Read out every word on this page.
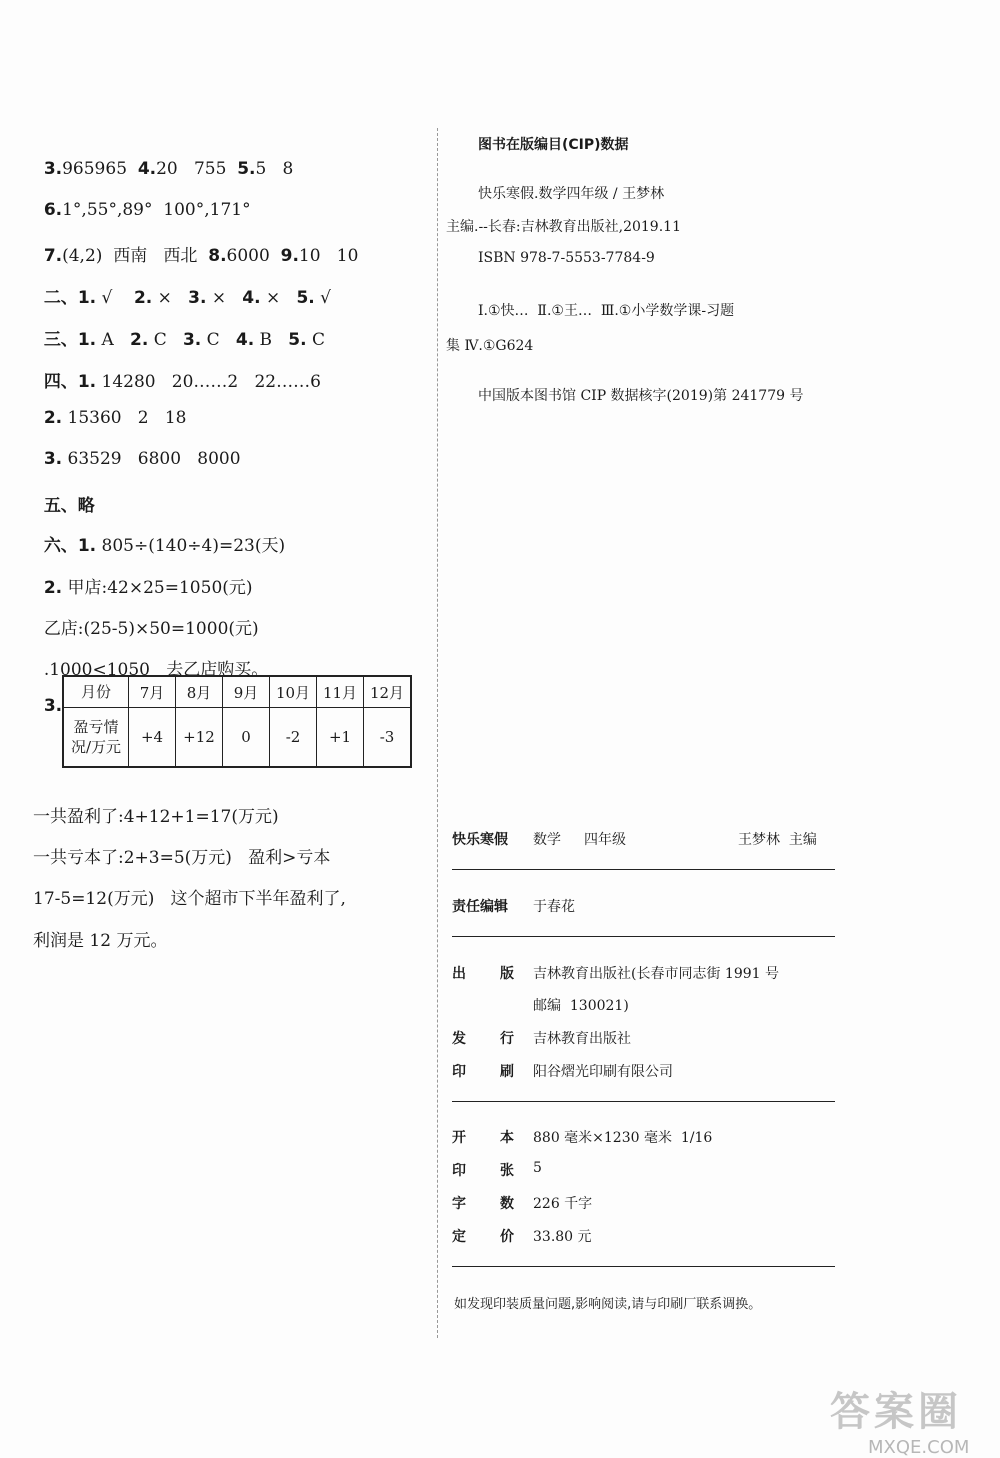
3.965965  4.20   755  5.5   8

6.1°,55°,89°  100°,171°

7.(4,2)  西南   西北  8.6000  9.10   10

二、1. √    2. ×   3. ×   4. ×   5. √

三、1. A   2. C   3. C   4. B   5. C

四、1. 14280   20……2   22……6

2. 15360   2   18

3. 63529   6800   8000

五、略

六、1. 805÷(140÷4)=23(天)

2. 甲店:42×25=1050(元)

乙店:(25-5)×50=1000(元)

.1000<1050   去乙店购买。

3.

月份	7月	8月	9月	10月	11月	12月
盈亏情
况/万元	+4	+12	0	-2	+1	-3
一共盈利了:4+12+1=17(万元)
一共亏本了:2+3=5(万元)   盈利>亏本
17-5=12(万元)   这个超市下半年盈利了,
利润是 12 万元。
图书在版编目(CIP)数据
快乐寒假.数学四年级 / 王梦林
主编.--长春:吉林教育出版社,2019.11
ISBN 978-7-5553-7784-9
Ⅰ.①快…  Ⅱ.①王…  Ⅲ.①小学数学课-习题
集 Ⅳ.①G624
中国版本图书馆 CIP 数据核字(2019)第 241779 号
快乐寒假 数学 四年级	王梦林  主编
责任编辑 于春花
出 版 吉林教育出版社(长春市同志街 1991 号
邮编  130021)
发 行 吉林教育出版社
印 刷 阳谷熠光印刷有限公司
开 本 880 毫米×1230 毫米  1/16
印 张 5
字 数 226 千字
定 价 33.80 元
如发现印装质量问题,影响阅读,请与印刷厂联系调换。
答案圈
MXQE.COM
